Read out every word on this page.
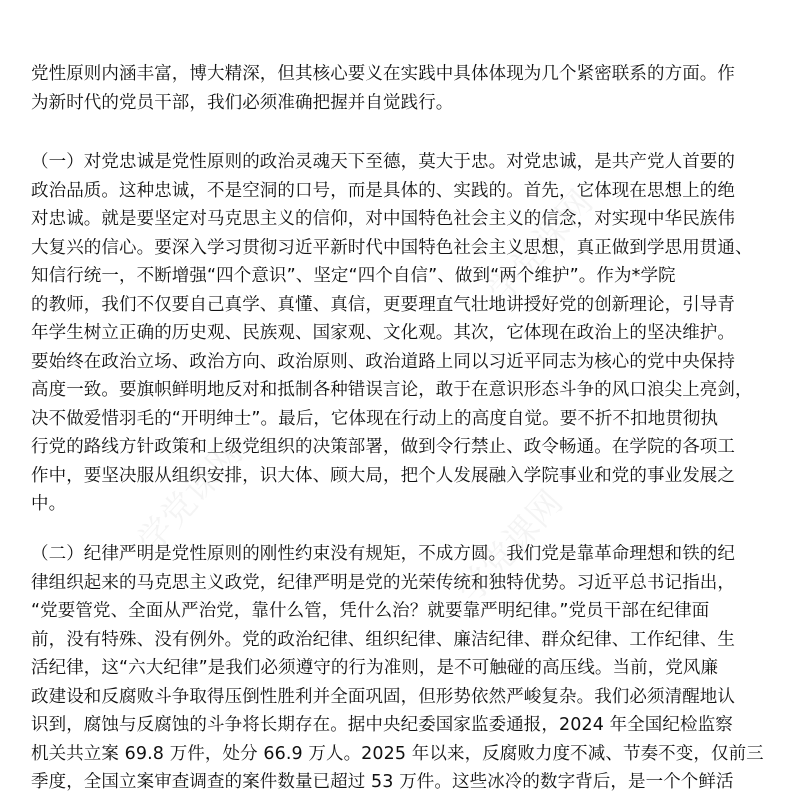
学党课网
学党课网	学党课网
党性原则内涵丰富，博大精深，但其核心要义在实践中具体体现为几个紧密联系的方面。作
为新时代的党员干部，我们必须准确把握并自觉践行。
（一）对党忠诚是党性原则的政治灵魂天下至德，莫大于忠。对党忠诚，是共产党人首要的
政治品质。这种忠诚，不是空洞的口号，而是具体的、实践的。首先，它体现在思想上的绝
对忠诚。就是要坚定对马克思主义的信仰，对中国特色社会主义的信念，对实现中华民族伟
大复兴的信心。要深入学习贯彻习近平新时代中国特色社会主义思想，真正做到学思用贯通、
知信行统一，不断增强“四个意识”、坚定“四个自信”、做到“两个维护”。作为*学院
的教师，我们不仅要自己真学、真懂、真信，更要理直气壮地讲授好党的创新理论，引导青
年学生树立正确的历史观、民族观、国家观、文化观。其次，它体现在政治上的坚决维护。
要始终在政治立场、政治方向、政治原则、政治道路上同以习近平同志为核心的党中央保持
高度一致。要旗帜鲜明地反对和抵制各种错误言论，敢于在意识形态斗争的风口浪尖上亮剑，
决不做爱惜羽毛的“开明绅士”。最后，它体现在行动上的高度自觉。要不折不扣地贯彻执
行党的路线方针政策和上级党组织的决策部署，做到令行禁止、政令畅通。在学院的各项工
作中，要坚决服从组织安排，识大体、顾大局，把个人发展融入学院事业和党的事业发展之
中。
（二）纪律严明是党性原则的刚性约束没有规矩，不成方圆。我们党是靠革命理想和铁的纪
律组织起来的马克思主义政党，纪律严明是党的光荣传统和独特优势。习近平总书记指出，
“党要管党、全面从严治党，靠什么管，凭什么治？就要靠严明纪律。”党员干部在纪律面
前，没有特殊、没有例外。党的政治纪律、组织纪律、廉洁纪律、群众纪律、工作纪律、生
活纪律，这“六大纪律”是我们必须遵守的行为准则，是不可触碰的高压线。当前，党风廉
政建设和反腐败斗争取得压倒性胜利并全面巩固，但形势依然严峻复杂。我们必须清醒地认
识到，腐蚀与反腐蚀的斗争将长期存在。据中央纪委国家监委通报，2024 年全国纪检监察
机关共立案 69.8 万件，处分 66.9 万人。2025 年以来，反腐败力度不减、节奏不变，仅前三
季度，全国立案审查调查的案件数量已超过 53 万件。这些冰冷的数字背后，是一个个鲜活
